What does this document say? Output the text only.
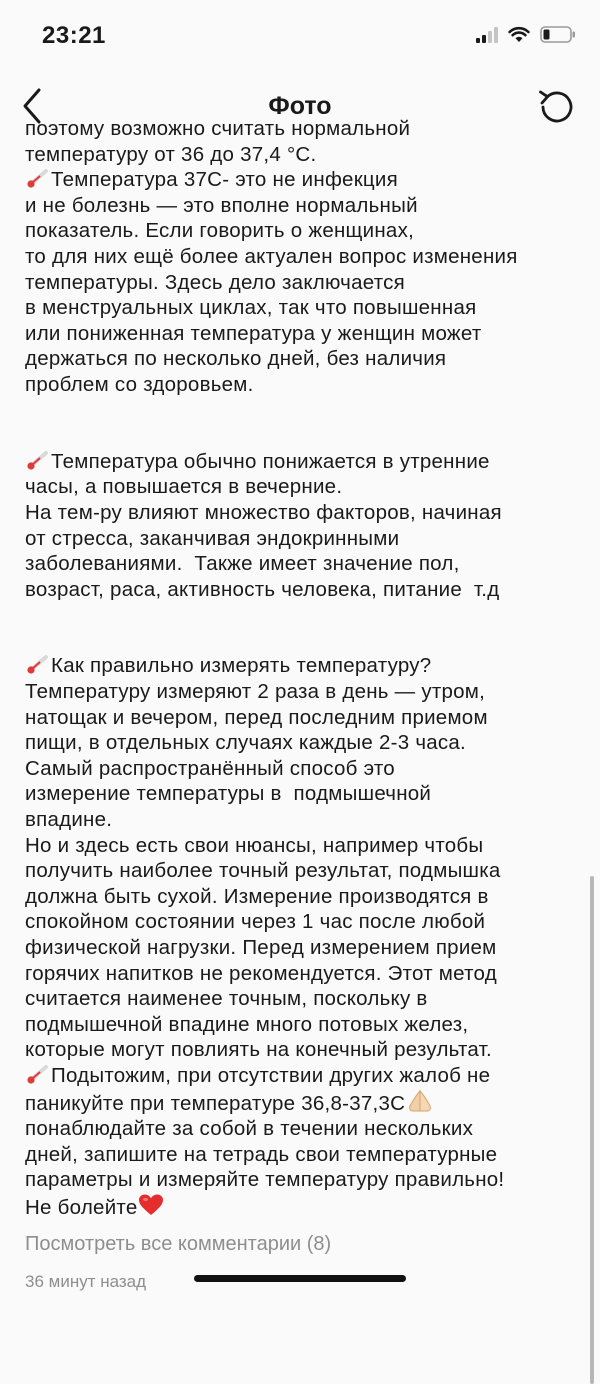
23:21
Фото
поэтому возможно считать нормальной
температуру от 36 до 37,4 °С.
Температура 37С- это не инфекция
и не болезнь — это вполне нормальный
показатель. Если говорить о женщинах,
то для них ещё более актуален вопрос изменения
температуры. Здесь дело заключается
в менструальных циклах, так что повышенная
или пониженная температура у женщин может
держаться по несколько дней, без наличия
проблем со здоровьем.
Температура обычно понижается в утренние
часы, а повышается в вечерние.
На тем-ру влияют множество факторов, начиная
от стресса, заканчивая эндокринными
заболеваниями.  Также имеет значение пол,
возраст, раса, активность человека, питание  т.д
Как правильно измерять температуру?
Температуру измеряют 2 раза в день — утром,
натощак и вечером, перед последним приемом
пищи, в отдельных случаях каждые 2-3 часа.
Самый распространённый способ это
измерение температуры в  подмышечной
впадине.
Но и здесь есть свои нюансы, например чтобы
получить наиболее точный результат, подмышка
должна быть сухой. Измерение производятся в
спокойном состоянии через 1 час после любой
физической нагрузки. Перед измерением прием
горячих напитков не рекомендуется. Этот метод
считается наименее точным, поскольку в
подмышечной впадине много потовых желез,
которые могут повлиять на конечный результат.
Подытожим, при отсутствии других жалоб не
паникуйте при температуре 36,8-37,3С
понаблюдайте за собой в течении нескольких
дней, запишите на тетрадь свои температурные
параметры и измеряйте температуру правильно!
Не болейте
Посмотреть все комментарии (8)
36 минут назад
